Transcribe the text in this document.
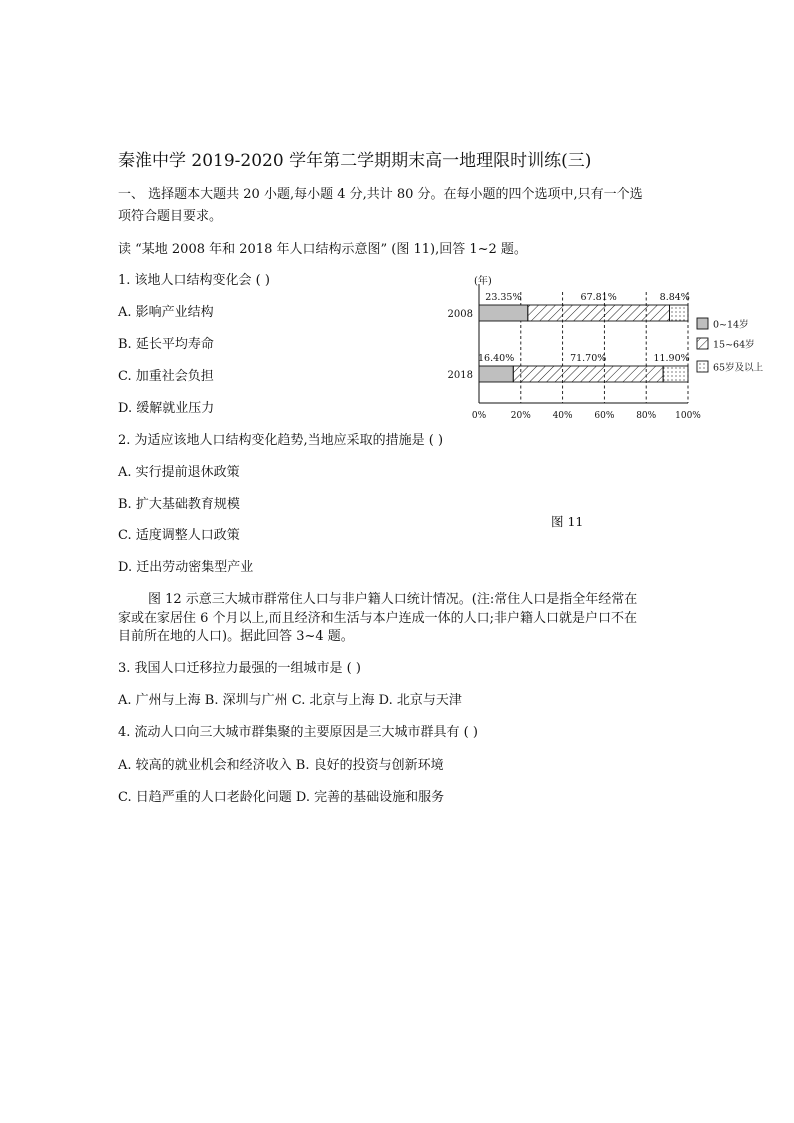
秦淮中学 2019-2020 学年第二学期期末高一地理限时训练(三)
一、 选择题本大题共 20 小题,每小题 4 分,共计 80 分。在每小题的四个选项中,只有一个选
项符合题目要求。
读 “某地 2008 年和 2018 年人口结构示意图” (图 11),回答 1~2 题。
1. 该地人口结构变化会 ( )
A. 影响产业结构
B. 延长平均寿命
C. 加重社会负担
D. 缓解就业压力
2. 为适应该地人口结构变化趋势,当地应采取的措施是 ( )
A. 实行提前退休政策
B. 扩大基础教育规模
C. 适度调整人口政策
D. 迁出劳动密集型产业
图 11
图 12 示意三大城市群常住人口与非户籍人口统计情况。(注:常住人口是指全年经常在
家或在家居住 6 个月以上,而且经济和生活与本户连成一体的人口;非户籍人口就是户口不在
目前所在地的人口)。据此回答 3~4 题。
3. 我国人口迁移拉力最强的一组城市是 ( )
A. 广州与上海 B. 深圳与广州 C. 北京与上海 D. 北京与天津
4. 流动人口向三大城市群集聚的主要原因是三大城市群具有 ( )
A. 较高的就业机会和经济收入 B. 良好的投资与创新环境
C. 日趋严重的人口老龄化问题 D. 完善的基础设施和服务
(年)
0%	20% 40% 60% 80% 100%
2008
23.35%	67.81%	8.84%
2018
16.40%	71.70%	11.90%
0~14岁
15~64岁
65岁及以上
